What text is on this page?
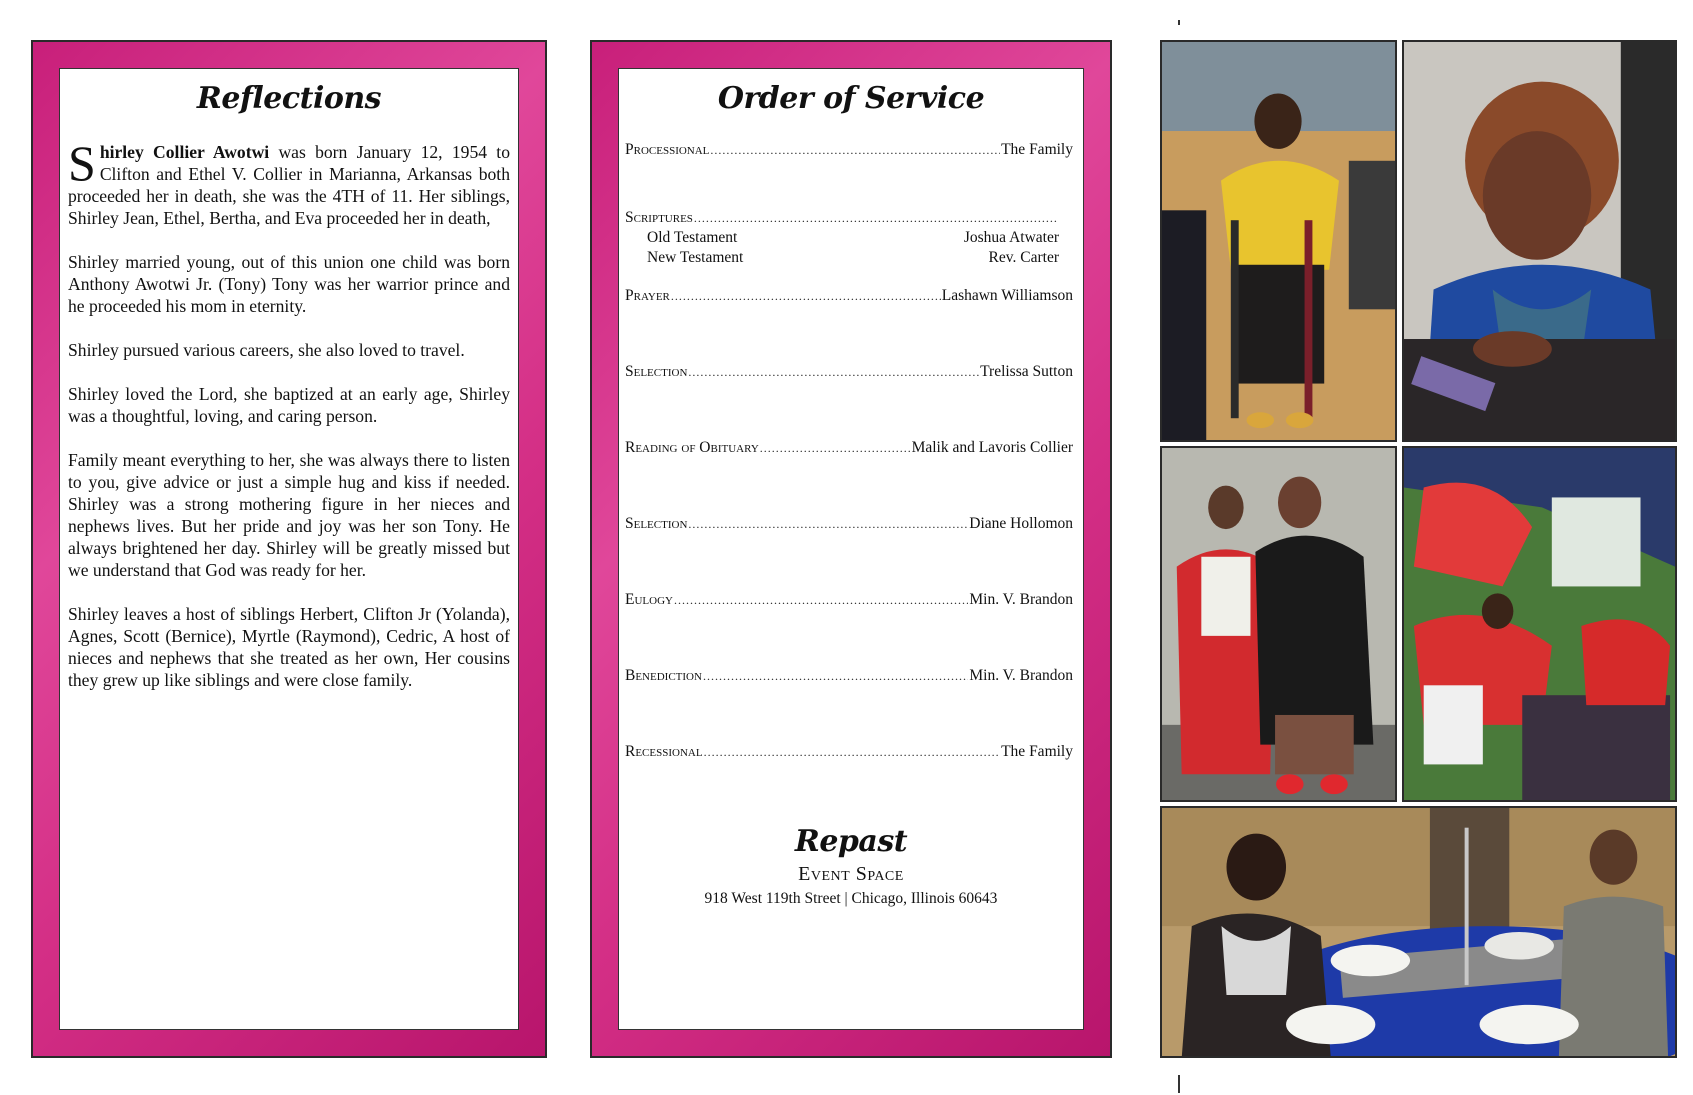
Reflections

Shirley Collier Awotwi was born January 12, 1954 to Clifton and Ethel V. Collier in Marianna, Arkansas both proceeded her in death, she was the 4TH of 11. Her siblings, Shirley Jean, Ethel, Bertha, and Eva proceeded her in death,

Shirley married young, out of this union one child was born Anthony Awotwi Jr. (Tony) Tony was her warrior prince and he proceeded his mom in eternity.

Shirley pursued various careers, she also loved to travel.

Shirley loved the Lord, she baptized at an early age, Shirley was a thoughtful, loving, and caring person.

Family meant everything to her, she was always there to listen to you, give advice or just a simple hug and kiss if needed. Shirley was a strong mothering figure in her nieces and nephews lives. But her pride and joy was her son Tony. He always brightened her day. Shirley will be greatly missed but we understand that God was ready for her.

Shirley leaves a host of siblings Herbert, Clifton Jr (Yolanda), Agnes, Scott (Bernice), Myrtle (Raymond), Cedric, A host of nieces and nephews that she treated as her own, Her cousins they grew up like siblings and were close family.

Order of Service
Processional .....	The Family
Scriptures
.....
Old Testament	Joshua Atwater
New Testament	Rev. Carter
Prayer .....	Lashawn Williamson
Selection .....	Trelissa Sutton
Reading of Obituary .....	Malik and Lavoris Collier
Selection .....	Diane Hollomon
Eulogy .....	Min. V. Brandon
Benediction .....	Min. V. Brandon
Recessional .....	The Family
Repast
Event Space
918 West 119th Street | Chicago, Illinois 60643
